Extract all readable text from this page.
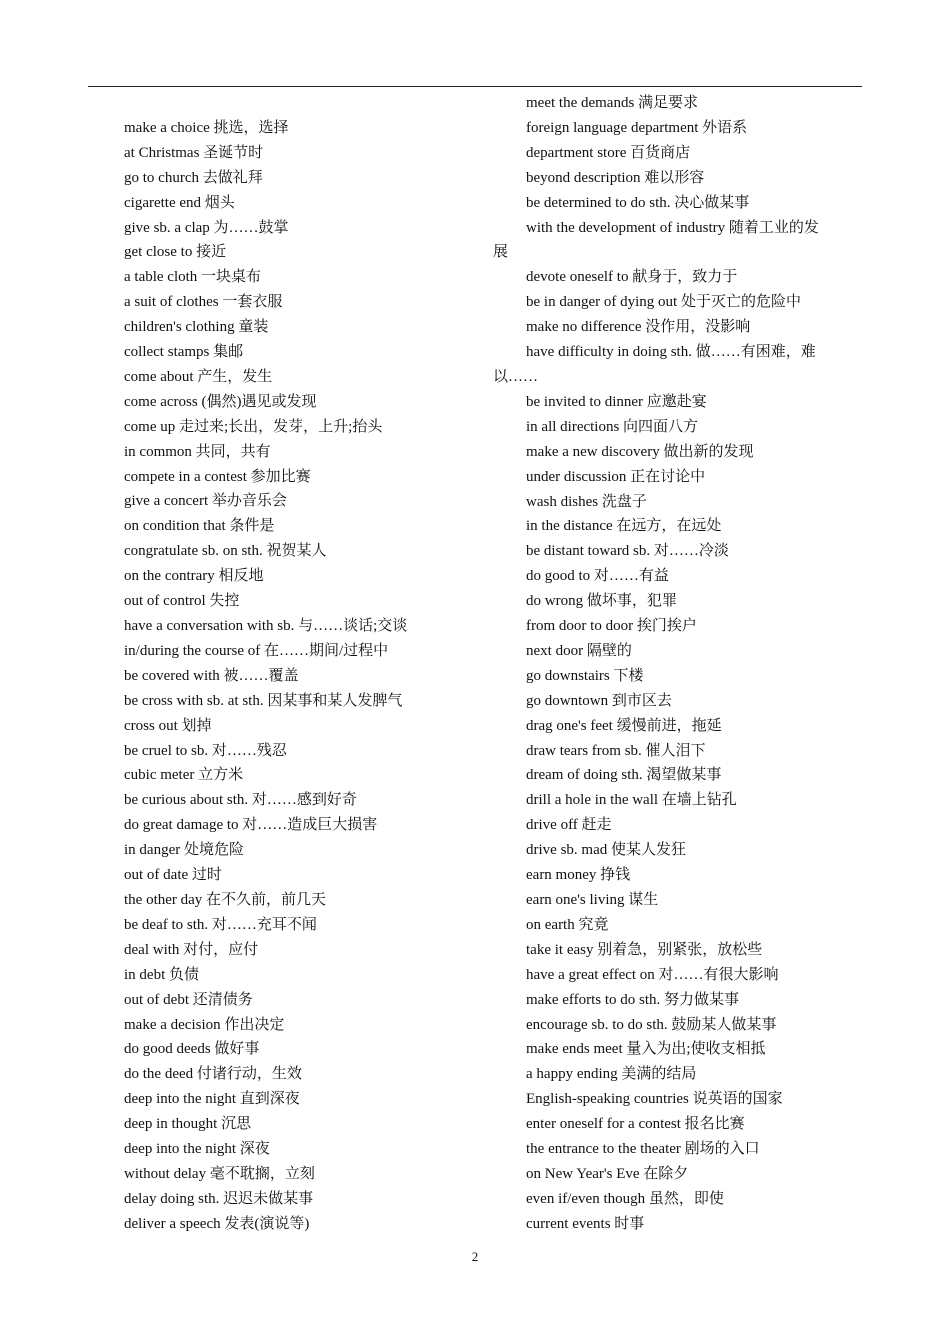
make a choice 挑选，选择
at Christmas 圣诞节时
go to church 去做礼拜
cigarette end 烟头
give sb. a clap 为……鼓掌
get close to 接近
a table cloth 一块桌布
a suit of clothes 一套衣服
children's clothing 童装
collect stamps 集邮
come about 产生，发生
come across (偶然)遇见或发现
come up 走过来;长出，发芽，上升;抬头
in common 共同，共有
compete in a contest 参加比赛
give a concert 举办音乐会
on condition that 条件是
congratulate sb. on sth. 祝贺某人
on the contrary 相反地
out of control 失控
have a conversation with sb. 与……谈话;交谈
in/during the course of 在……期间/过程中
be covered with 被……覆盖
be cross with sb. at sth. 因某事和某人发脾气
cross out 划掉
be cruel to sb. 对……残忍
cubic meter 立方米
be curious about sth. 对……感到好奇
do great damage to 对……造成巨大损害
in danger 处境危险
out of date 过时
the other day 在不久前，前几天
be deaf to sth. 对……充耳不闻
deal with 对付，应付
in debt 负债
out of debt 还清债务
make a decision 作出决定
do good deeds 做好事
do the deed 付诸行动，生效
deep into the night 直到深夜
deep in thought 沉思
deep into the night 深夜
without delay 毫不耽搁，立刻
delay doing sth. 迟迟未做某事
deliver a speech 发表(演说等)
meet the demands 满足要求
foreign language department 外语系
department store 百货商店
beyond description 难以形容
be determined to do sth. 决心做某事
with the development of industry 随着工业的发
展
devote oneself to 献身于，致力于
be in danger of dying out 处于灭亡的危险中
make no difference 没作用，没影响
have difficulty in doing sth. 做……有困难，难
以……
be invited to dinner 应邀赴宴
in all directions 向四面八方
make a new discovery 做出新的发现
under discussion 正在讨论中
wash dishes 洗盘子
in the distance 在远方，在远处
be distant toward sb. 对……冷淡
do good to 对……有益
do wrong 做坏事，犯罪
from door to door 挨门挨户
next door 隔壁的
go downstairs 下楼
go downtown 到市区去
drag one's feet 缓慢前进，拖延
draw tears from sb. 催人泪下
dream of doing sth. 渴望做某事
drill a hole in the wall 在墙上钻孔
drive off 赶走
drive sb. mad 使某人发狂
earn money 挣钱
earn one's living 谋生
on earth 究竟
take it easy 别着急，别紧张，放松些
have a great effect on 对……有很大影响
make efforts to do sth. 努力做某事
encourage sb. to do sth. 鼓励某人做某事
make ends meet 量入为出;使收支相抵
a happy ending 美满的结局
English-speaking countries 说英语的国家
enter oneself for a contest 报名比赛
the entrance to the theater 剧场的入口
on New Year's Eve 在除夕
even if/even though 虽然，即使
current events 时事
2
